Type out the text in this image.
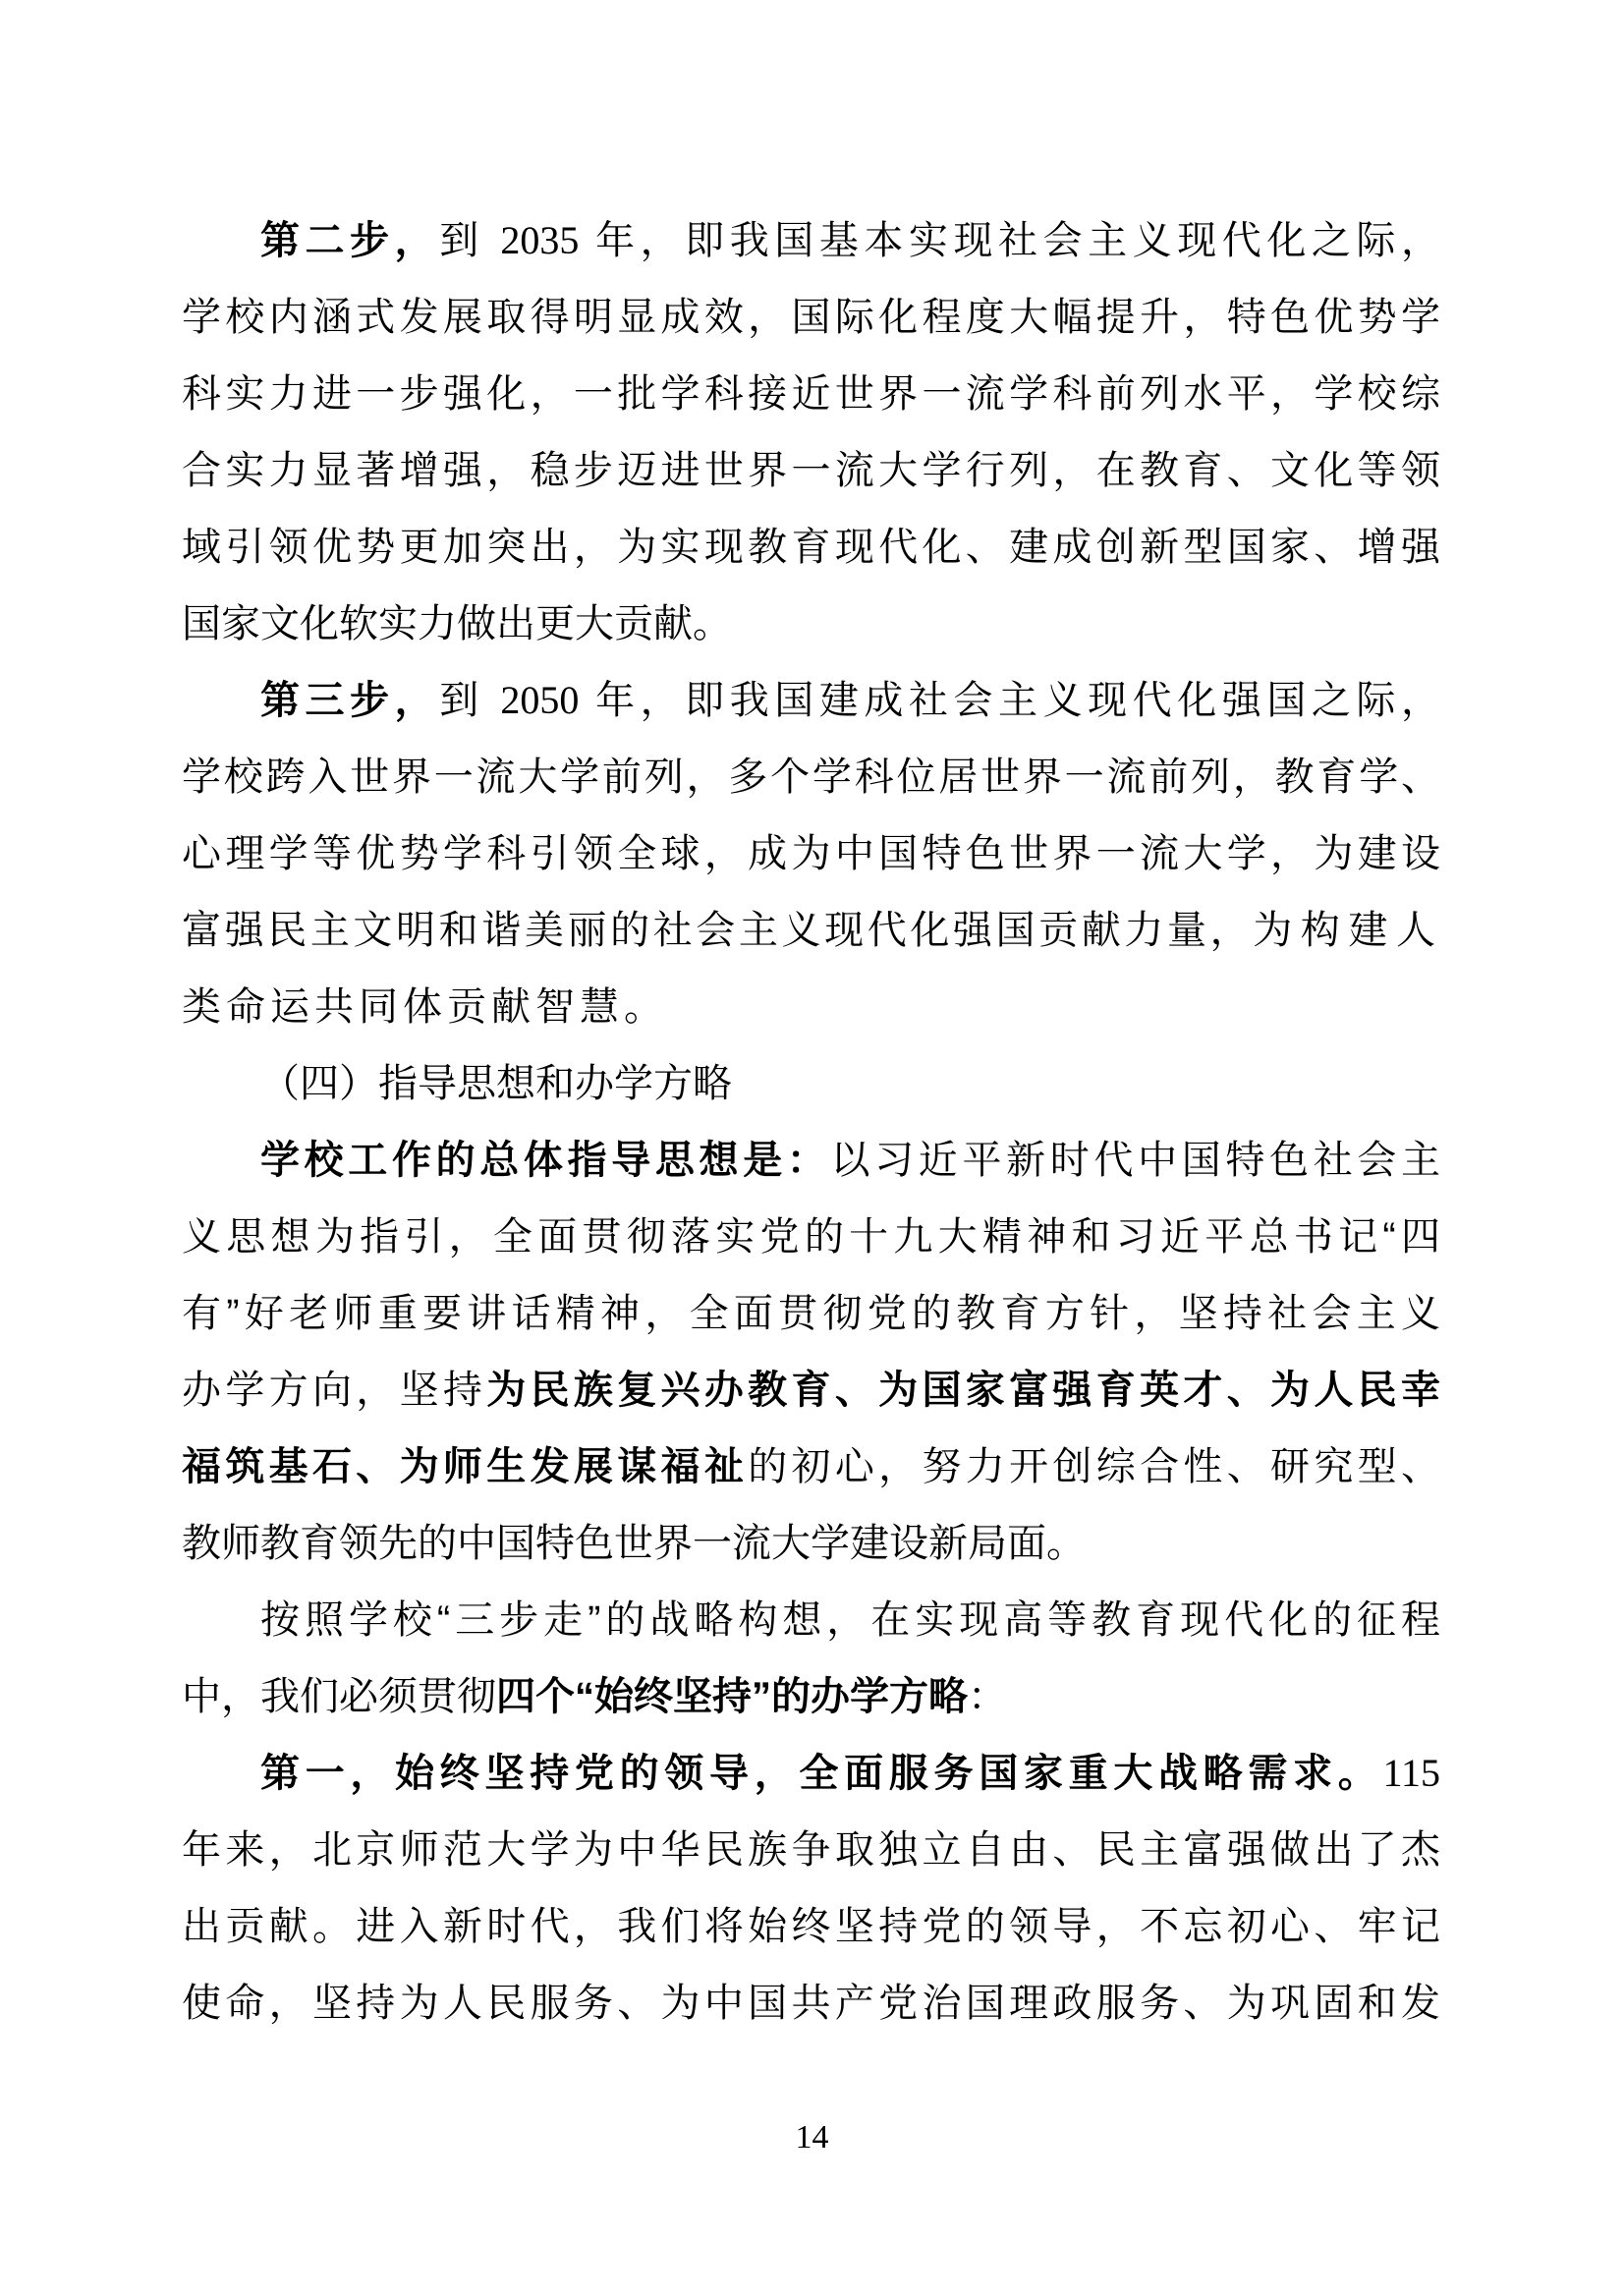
第二步，到 2035 年，即我国基本实现社会主义现代化之际，
学校内涵式发展取得明显成效，国际化程度大幅提升，特色优势学
科实力进一步强化，一批学科接近世界一流学科前列水平，学校综
合实力显著增强，稳步迈进世界一流大学行列，在教育、文化等领
域引领优势更加突出，为实现教育现代化、建成创新型国家、增强
国家文化软实力做出更大贡献。
第三步，到 2050 年，即我国建成社会主义现代化强国之际，
学校跨入世界一流大学前列，多个学科位居世界一流前列，教育学、
心理学等优势学科引领全球，成为中国特色世界一流大学，为建设
富强民主文明和谐美丽的社会主义现代化强国贡献力量，为构建人
类命运共同体贡献智慧。
（四）指导思想和办学方略
学校工作的总体指导思想是：以习近平新时代中国特色社会主
义思想为指引，全面贯彻落实党的十九大精神和习近平总书记“四
有”好老师重要讲话精神，全面贯彻党的教育方针，坚持社会主义
办学方向，坚持为民族复兴办教育、为国家富强育英才、为人民幸
福筑基石、为师生发展谋福祉的初心，努力开创综合性、研究型、
教师教育领先的中国特色世界一流大学建设新局面。
按照学校“三步走”的战略构想，在实现高等教育现代化的征程
中，我们必须贯彻四个“始终坚持”的办学方略：
第一，始终坚持党的领导，全面服务国家重大战略需求。115
年来，北京师范大学为中华民族争取独立自由、民主富强做出了杰
出贡献。进入新时代，我们将始终坚持党的领导，不忘初心、牢记
使命，坚持为人民服务、为中国共产党治国理政服务、为巩固和发
14
